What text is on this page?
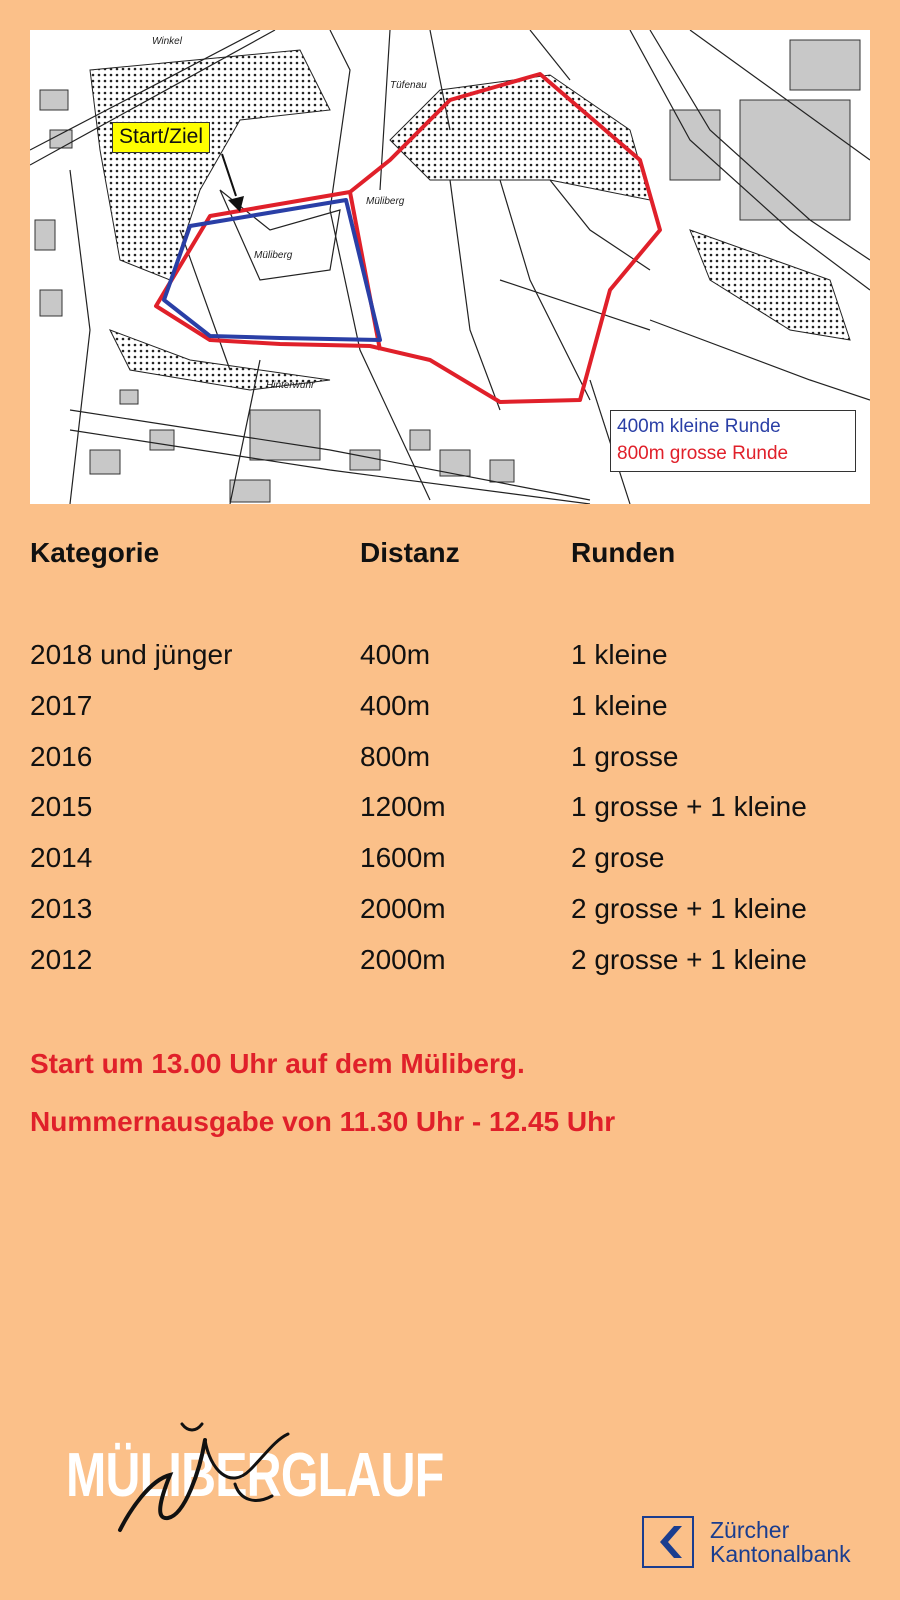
Winkel
Tüfenau
Müliberg
Müliberg
Hinterwuhr
Start/Ziel
400m kleine Runde
800m grosse Runde
Kategorie	Distanz	Runden
2018 und jünger	400m	1 kleine
2017	400m	1 kleine
2016	800m	1 grosse
2015	1200m	1 grosse + 1 kleine
2014	1600m	2 grose
2013	2000m	2 grosse + 1 kleine
2012	2000m	2 grosse + 1 kleine
Start um 13.00 Uhr auf dem Müliberg.
Nummernausgabe von 11.30 Uhr - 12.45 Uhr
MÜLIBERGLAUF
Zürcher
Kantonalbank
